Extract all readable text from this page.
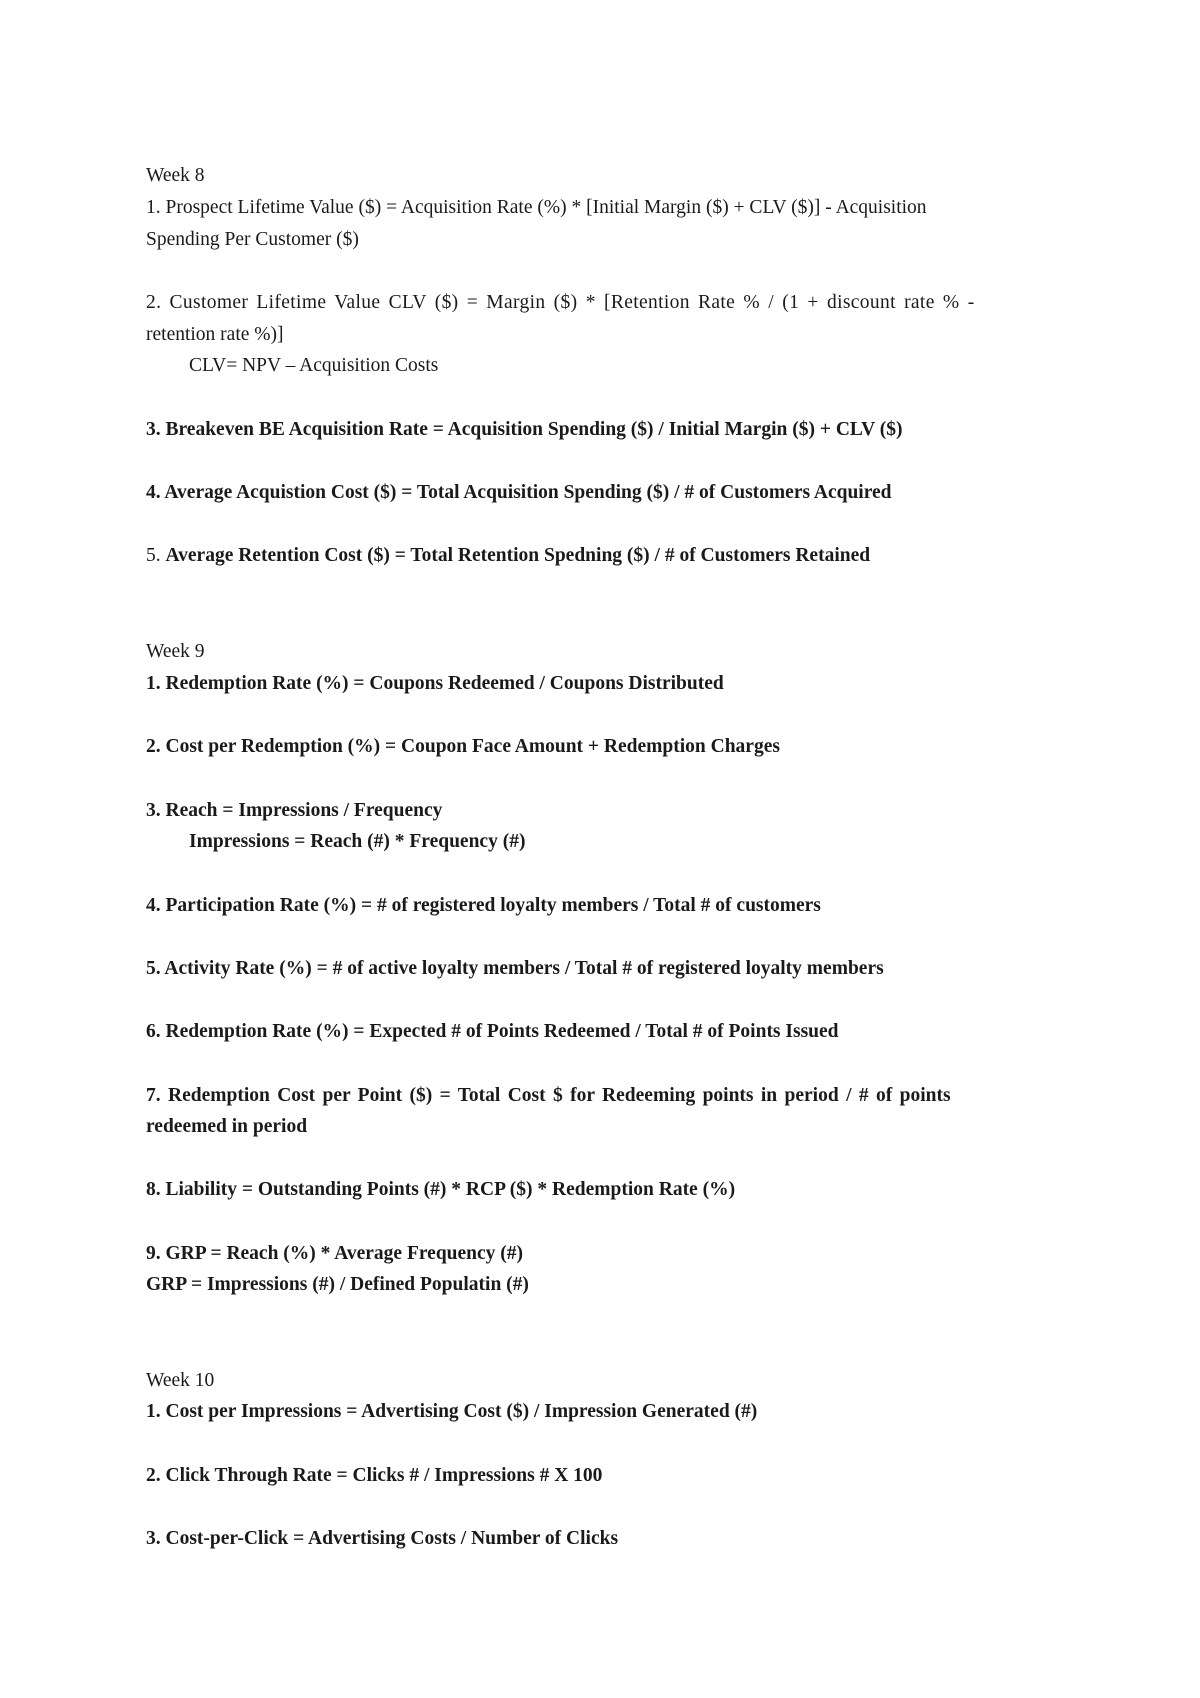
Week 8
1. Prospect Lifetime Value ($) = Acquisition Rate (%) * [Initial Margin ($) + CLV ($)] - Acquisition
Spending Per Customer ($)
2. Customer Lifetime Value CLV ($) = Margin ($) * [Retention Rate % / (1 + discount rate % -
retention rate %)]
CLV= NPV – Acquisition Costs
3. Breakeven BE Acquisition Rate = Acquisition Spending ($) / Initial Margin ($) + CLV ($)
4. Average Acquistion Cost ($) = Total Acquisition Spending ($) / # of Customers Acquired
5. Average Retention Cost ($) = Total Retention Spedning ($) / # of Customers Retained
Week 9
1. Redemption Rate (%) = Coupons Redeemed / Coupons Distributed
2. Cost per Redemption (%) = Coupon Face Amount + Redemption Charges
3. Reach = Impressions / Frequency
Impressions = Reach (#) * Frequency (#)
4. Participation Rate (%) = # of registered loyalty members / Total # of customers
5. Activity Rate (%) = # of active loyalty members / Total # of registered loyalty members
6. Redemption Rate (%) = Expected # of Points Redeemed / Total # of Points Issued
7. Redemption Cost per Point ($) = Total Cost $ for Redeeming points in period / # of points
redeemed in period
8. Liability = Outstanding Points (#) * RCP ($) * Redemption Rate (%)
9. GRP = Reach (%) * Average Frequency (#)
GRP = Impressions (#) / Defined Populatin (#)
Week 10
1. Cost per Impressions = Advertising Cost ($) / Impression Generated (#)
2. Click Through Rate = Clicks # / Impressions # X 100
3. Cost-per-Click = Advertising Costs / Number of Clicks
